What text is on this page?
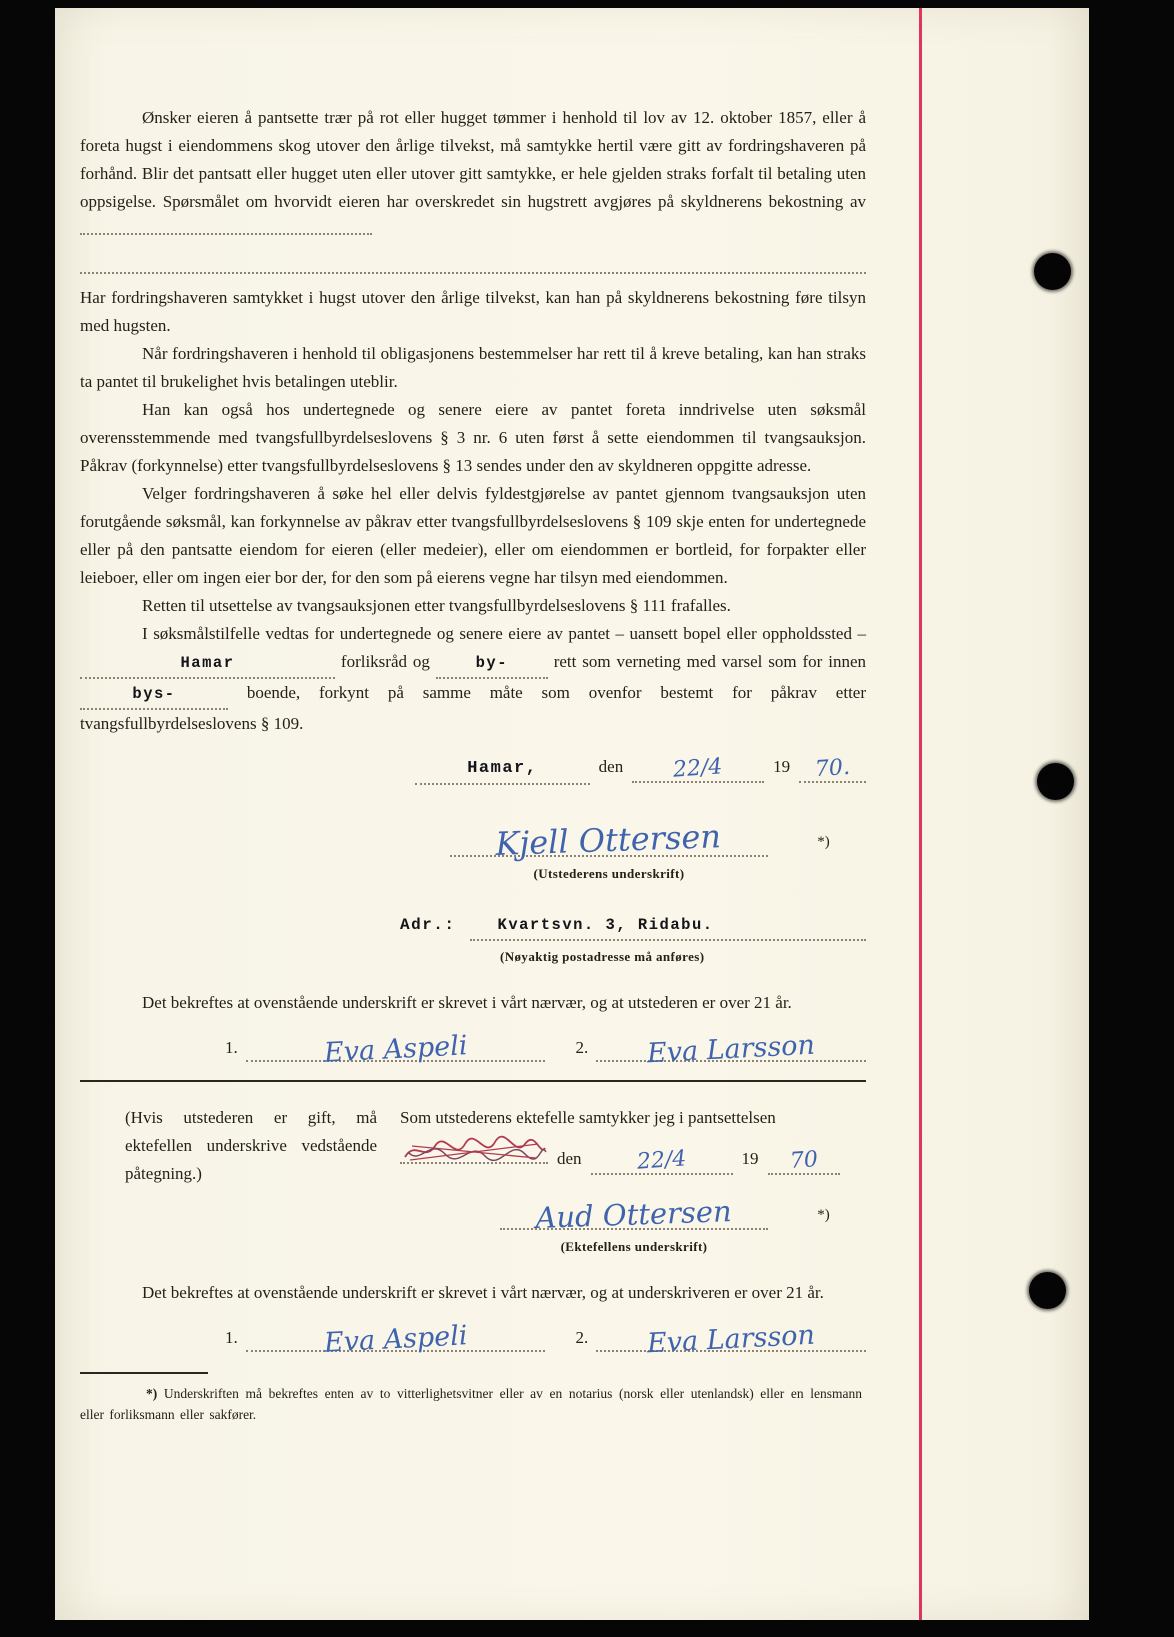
Ønsker eieren å pantsette trær på rot eller hugget tømmer i henhold til lov av 12. oktober 1857, eller å foreta hugst i eiendommens skog utover den årlige tilvekst, må samtykke hertil være gitt av fordringshaveren på forhånd. Blir det pantsatt eller hugget uten eller utover gitt samtykke, er hele gjelden straks forfalt til betaling uten oppsigelse. Spørsmålet om hvorvidt eieren har overskredet sin hugstrett avgjøres på skyldnerens bekostning av

Har fordringshaveren samtykket i hugst utover den årlige tilvekst, kan han på skyldnerens bekostning føre tilsyn med hugsten.

Når fordringshaveren i henhold til obligasjonens bestemmelser har rett til å kreve betaling, kan han straks ta pantet til brukelighet hvis betalingen uteblir.

Han kan også hos undertegnede og senere eiere av pantet foreta inndrivelse uten søksmål overensstemmende med tvangsfullbyrdelseslovens § 3 nr. 6 uten først å sette eiendommen til tvangsauksjon. Påkrav (forkynnelse) etter tvangsfullbyrdelseslovens § 13 sendes under den av skyldneren oppgitte adresse.

Velger fordringshaveren å søke hel eller delvis fyldestgjørelse av pantet gjennom tvangsauksjon uten forutgående søksmål, kan forkynnelse av påkrav etter tvangsfullbyrdelseslovens § 109 skje enten for undertegnede eller på den pantsatte eiendom for eieren (eller medeier), eller om eiendommen er bortleid, for forpakter eller leieboer, eller om ingen eier bor der, for den som på eierens vegne har tilsyn med eiendommen.

Retten til utsettelse av tvangsauksjonen etter tvangsfullbyrdelseslovens § 111 frafalles.

I søksmålstilfelle vedtas for undertegnede og senere eiere av pantet – uansett bopel eller oppholdssted – Hamar	forliksråd og	by-	rett som verneting med varsel som for innen bys-	boende, forkynt på samme måte som ovenfor bestemt for påkrav etter tvangsfullbyrdelseslovens § 109.

Hamar,	den	22/4	19	70.
Kjell Ottersen	*)
(Utstederens underskrift)
Adr.:	Kvartsvn. 3, Ridabu.
(Nøyaktig postadresse må anføres)

Det bekreftes at ovenstående underskrift er skrevet i vårt nærvær, og at utstederen er over 21 år.

1.	Eva Aspeli	2.	Eva Larsson
(Hvis utstederen er gift, må ektefellen underskrive vedstående påtegning.)
Som utstederens ektefelle samtykker jeg i pantsettelsen
den	22/4	19	70
Aud Ottersen	*)
(Ektefellens underskrift)

Det bekreftes at ovenstående underskrift er skrevet i vårt nærvær, og at underskriveren er over 21 år.

1.	Eva Aspeli	2.	Eva Larsson

*) Underskriften må bekreftes enten av to vitterlighetsvitner eller av en notarius (norsk eller utenlandsk) eller en lensmann eller forliksmann eller sakfører.
